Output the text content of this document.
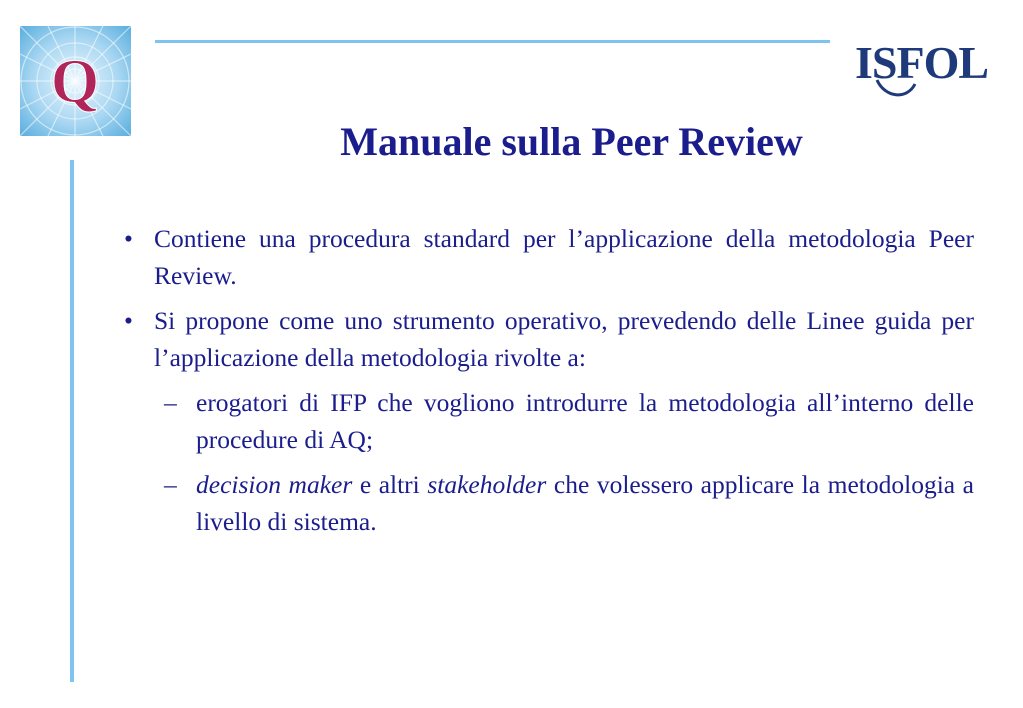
Q	ISFOL
Manuale sulla Peer Review
• Contiene una procedura standard per l’applicazione della metodologia Peer Review.
• Si propone come uno strumento operativo, prevedendo delle Linee guida per l’applicazione della metodologia rivolte a:
– erogatori di IFP che vogliono introdurre la metodologia all’interno delle procedure di AQ;
– decision maker e altri stakeholder che volessero applicare la metodologia a livello di sistema.
